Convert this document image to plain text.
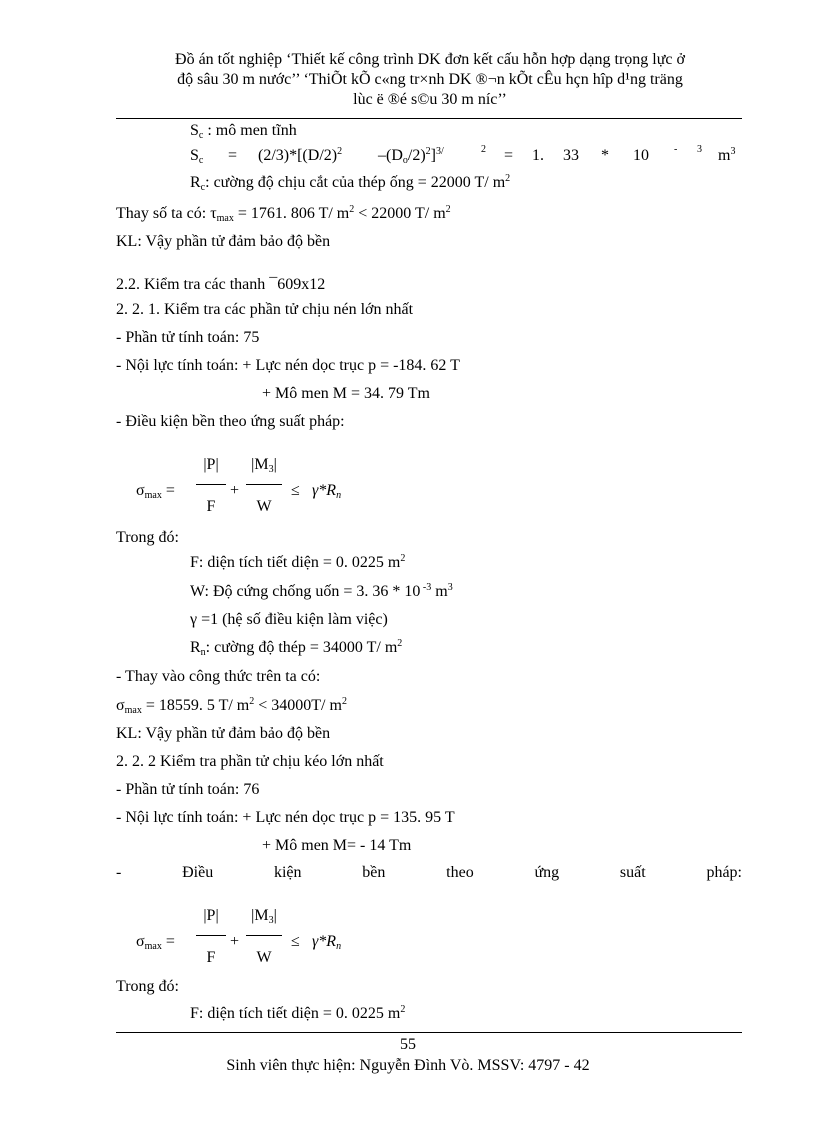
Đồ án tốt nghiệp ‘Thiết kế công trình DK đơn kết cấu hỗn hợp dạng trọng lực ở
độ sâu 30 m nước’’ ‘ThiÕt kÕ c«ng tr×nh DK ®¬n kÕt cÊu hçn hîp d¹ng träng
lùc ë ®é s©u 30 m níc’’
$S_c$ : mô men tĩnh
$S_c = (2/3)*[(D/2)^2$ $-(D_o/2)^2]^{3/}$	2 = 1. 33 * 10	- 3 $m^3$
$R_c$: cường độ chịu cắt của thép ống = 22000 T/ $m^2$
Thay số ta có: $\tau_{max} = 1761$. 806 T/ $m^2 < 22000$ T/ $m^2$
KL: Vậy phần tử đảm bảo độ bền
2.2. Kiểm tra các thanh ¯609x12
2. 2. 1. Kiểm tra các phần tử chịu nén lớn nhất
- Phần tử tính toán: 75
- Nội lực tính toán: + Lực nén dọc trục p = -184. 62 T
+ Mô men M = 34. 79 Tm
- Điều kiện bền theo ứng suất pháp:
$\sigma_{max}$ =
|P|
F
+
$|M_3|$
W
≤ $\gamma*R_n$
Trong đó:
F: diện tích tiết diện = 0. 0225 $m^2$
W: Độ cứng chống uốn = 3. 36 * 10 $^{-3}$ $m^3$
γ =1 (hệ số điều kiện làm việc)
$R_n$: cường độ thép = 34000 T/ $m^2$
- Thay vào công thức trên ta có:
$\sigma_{max} = 18559$. 5 T/ $m^2 < 34000T/$ $m^2$
KL: Vậy phần tử đảm bảo độ bền
2. 2. 2 Kiểm tra phần tử chịu kéo lớn nhất
- Phần tử tính toán: 76
- Nội lực tính toán: + Lực nén dọc trục p = 135. 95 T
+ Mô men M= - 14 Tm
-	Điều	kiện	bền	theo	ứng	suất	pháp:
$\sigma_{max}$ =
|P|
F
+
$|M_3|$
W
≤ $\gamma*R_n$
Trong đó:
F: diện tích tiết diện = 0. 0225 $m^2$
55
Sinh viên thực hiện: Nguyễn Đình Vò. MSSV: 4797 - 42
